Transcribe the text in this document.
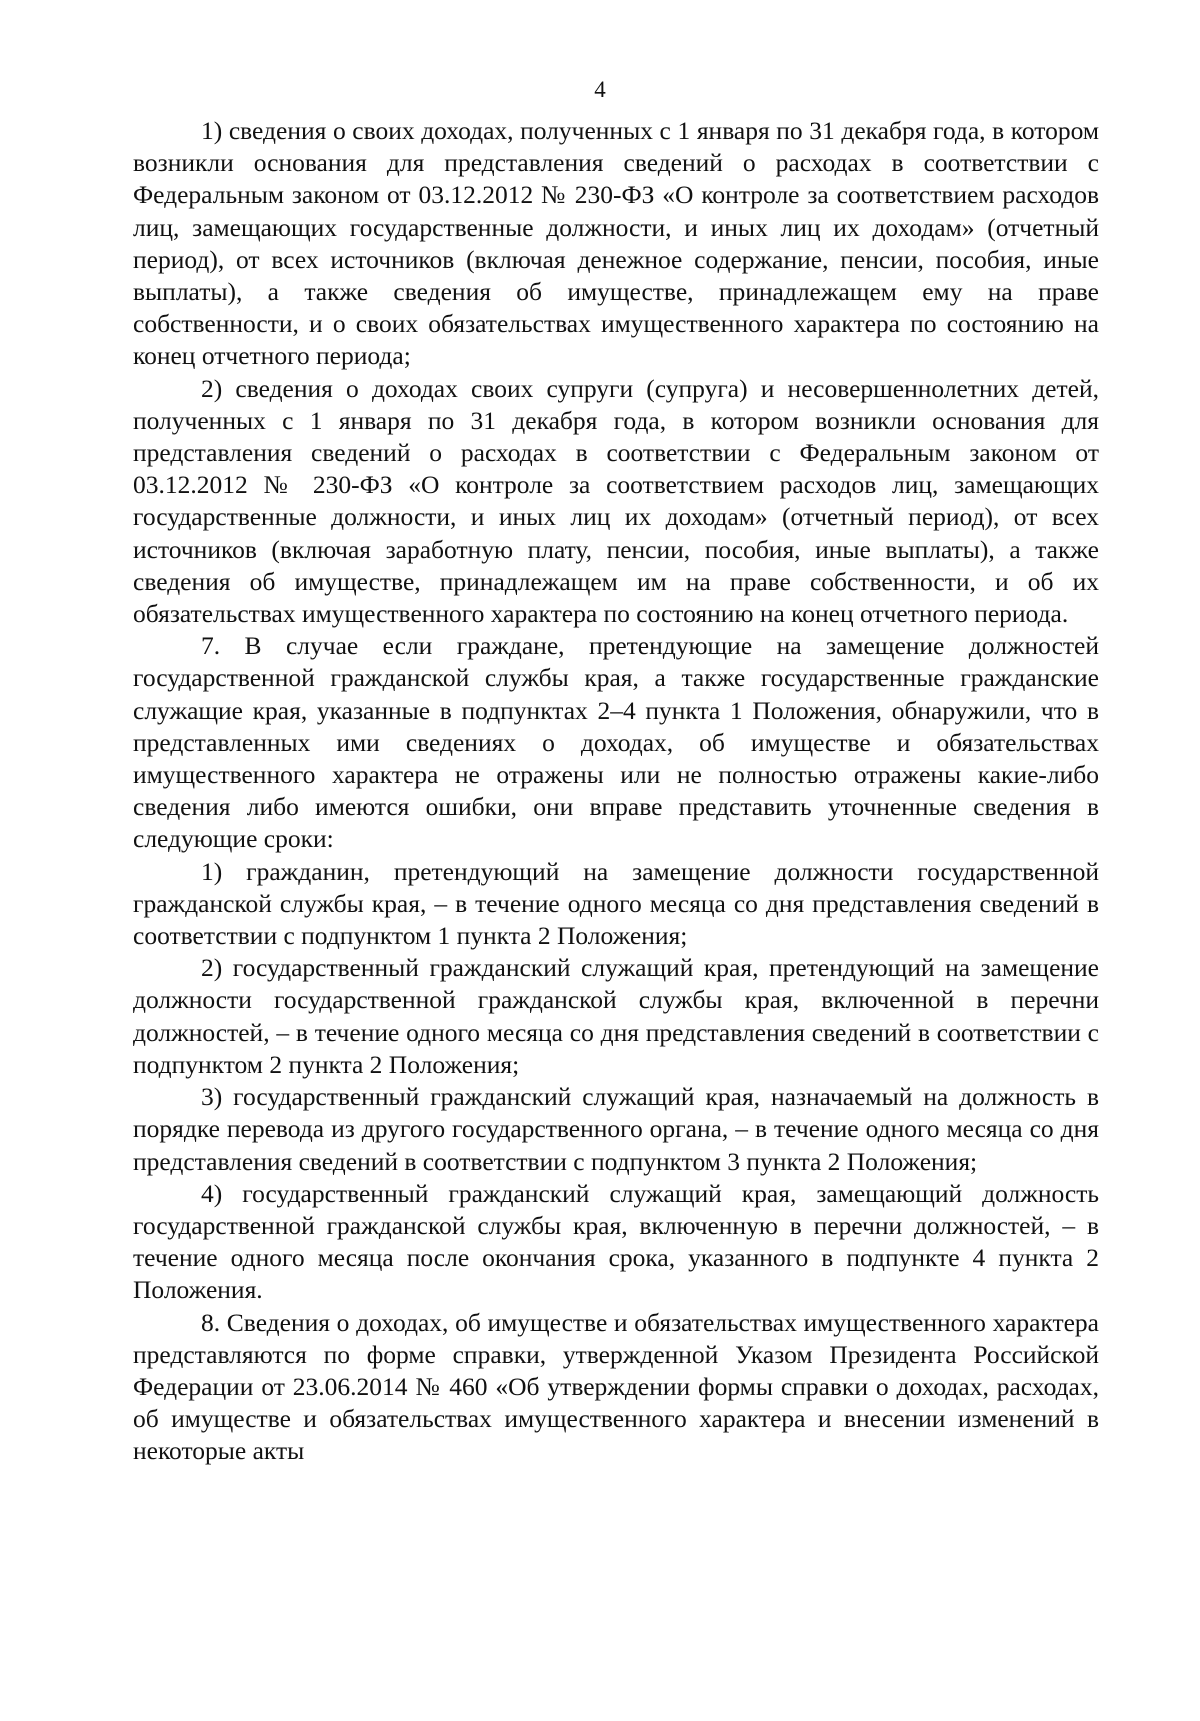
4

1) сведения о своих доходах, полученных с 1 января по 31 декабря года, в котором возникли основания для представления сведений о расходах в соответствии с Федеральным законом от 03.12.2012 № 230-ФЗ «О контроле за соответствием расходов лиц, замещающих государственные должности, и иных лиц их доходам» (отчетный период), от всех источников (включая денежное содержание, пенсии, пособия, иные выплаты), а также сведения об имуществе, принадлежащем ему на праве собственности, и о своих обязательствах имущественного характера по состоянию на конец отчетного периода;

2) сведения о доходах своих супруги (супруга) и несовершеннолетних детей, полученных с 1 января по 31 декабря года, в котором возникли основания для представления сведений о расходах в соответствии с Федеральным законом от 03.12.2012 № 230-ФЗ «О контроле за соответствием расходов лиц, замещающих государственные должности, и иных лиц их доходам» (отчетный период), от всех источников (включая заработную плату, пенсии, пособия, иные выплаты), а также сведения об имуществе, принадлежащем им на праве собственности, и об их обязательствах имущественного характера по состоянию на конец отчетного периода.

7. В случае если граждане, претендующие на замещение должностей государственной гражданской службы края, а также государственные гражданские служащие края, указанные в подпунктах 2–4 пункта 1 Положения, обнаружили, что в представленных ими сведениях о доходах, об имуществе и обязательствах имущественного характера не отражены или не полностью отражены какие-либо сведения либо имеются ошибки, они вправе представить уточненные сведения в следующие сроки:

1) гражданин, претендующий на замещение должности государственной гражданской службы края, – в течение одного месяца со дня представления сведений в соответствии с подпунктом 1 пункта 2 Положения;

2) государственный гражданский служащий края, претендующий на замещение должности государственной гражданской службы края, включенной в перечни должностей, – в течение одного месяца со дня представления сведений в соответствии с подпунктом 2 пункта 2 Положения;

3) государственный гражданский служащий края, назначаемый на должность в порядке перевода из другого государственного органа, – в течение одного месяца со дня представления сведений в соответствии с подпунктом 3 пункта 2 Положения;

4) государственный гражданский служащий края, замещающий должность государственной гражданской службы края, включенную в перечни должностей, – в течение одного месяца после окончания срока, указанного в подпункте 4 пункта 2 Положения.

8. Сведения о доходах, об имуществе и обязательствах имущественного характера представляются по форме справки, утвержденной Указом Президента Российской Федерации от 23.06.2014 № 460 «Об утверждении формы справки о доходах, расходах, об имуществе и обязательствах имущественного характера и внесении изменений в некоторые акты
